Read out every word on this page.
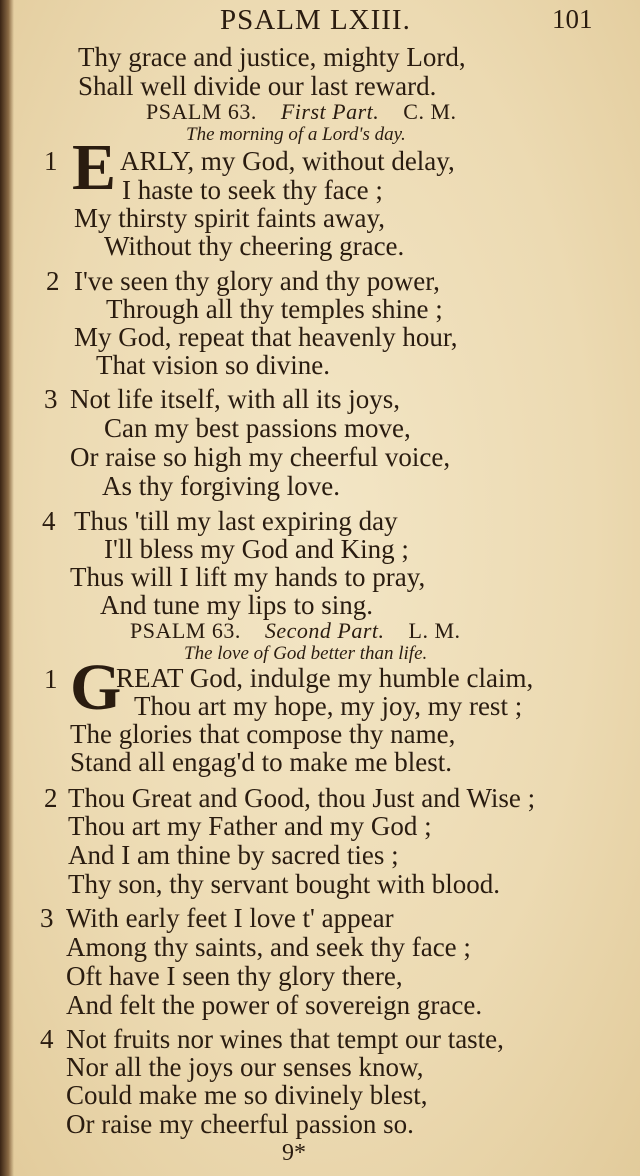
PSALM LXIII.	101
Thy grace and justice, mighty Lord,
Shall well divide our last reward.
PSALM 63. First Part. C. M.
The morning of a Lord's day.
1 E ARLY, my God, without delay,
I haste to seek thy face ;
My thirsty spirit faints away,
Without thy cheering grace.
2 I've seen thy glory and thy power,
Through all thy temples shine ;
My God, repeat that heavenly hour,
That vision so divine.
3 Not life itself, with all its joys,
Can my best passions move,
Or raise so high my cheerful voice,
As thy forgiving love.
4 Thus 'till my last expiring day
I'll bless my God and King ;
Thus will I lift my hands to pray,
And tune my lips to sing.
PSALM 63. Second Part. L. M.
The love of God better than life.
1 G
REAT God, indulge my humble claim,
Thou art my hope, my joy, my rest ;
The glories that compose thy name,
Stand all engag'd to make me blest.
2 Thou Great and Good, thou Just and Wise ;
Thou art my Father and my God ;
And I am thine by sacred ties ;
Thy son, thy servant bought with blood.
3 With early feet I love t' appear
Among thy saints, and seek thy face ;
Oft have I seen thy glory there,
And felt the power of sovereign grace.
4 Not fruits nor wines that tempt our taste,
Nor all the joys our senses know,
Could make me so divinely blest,
Or raise my cheerful passion so.
9*
